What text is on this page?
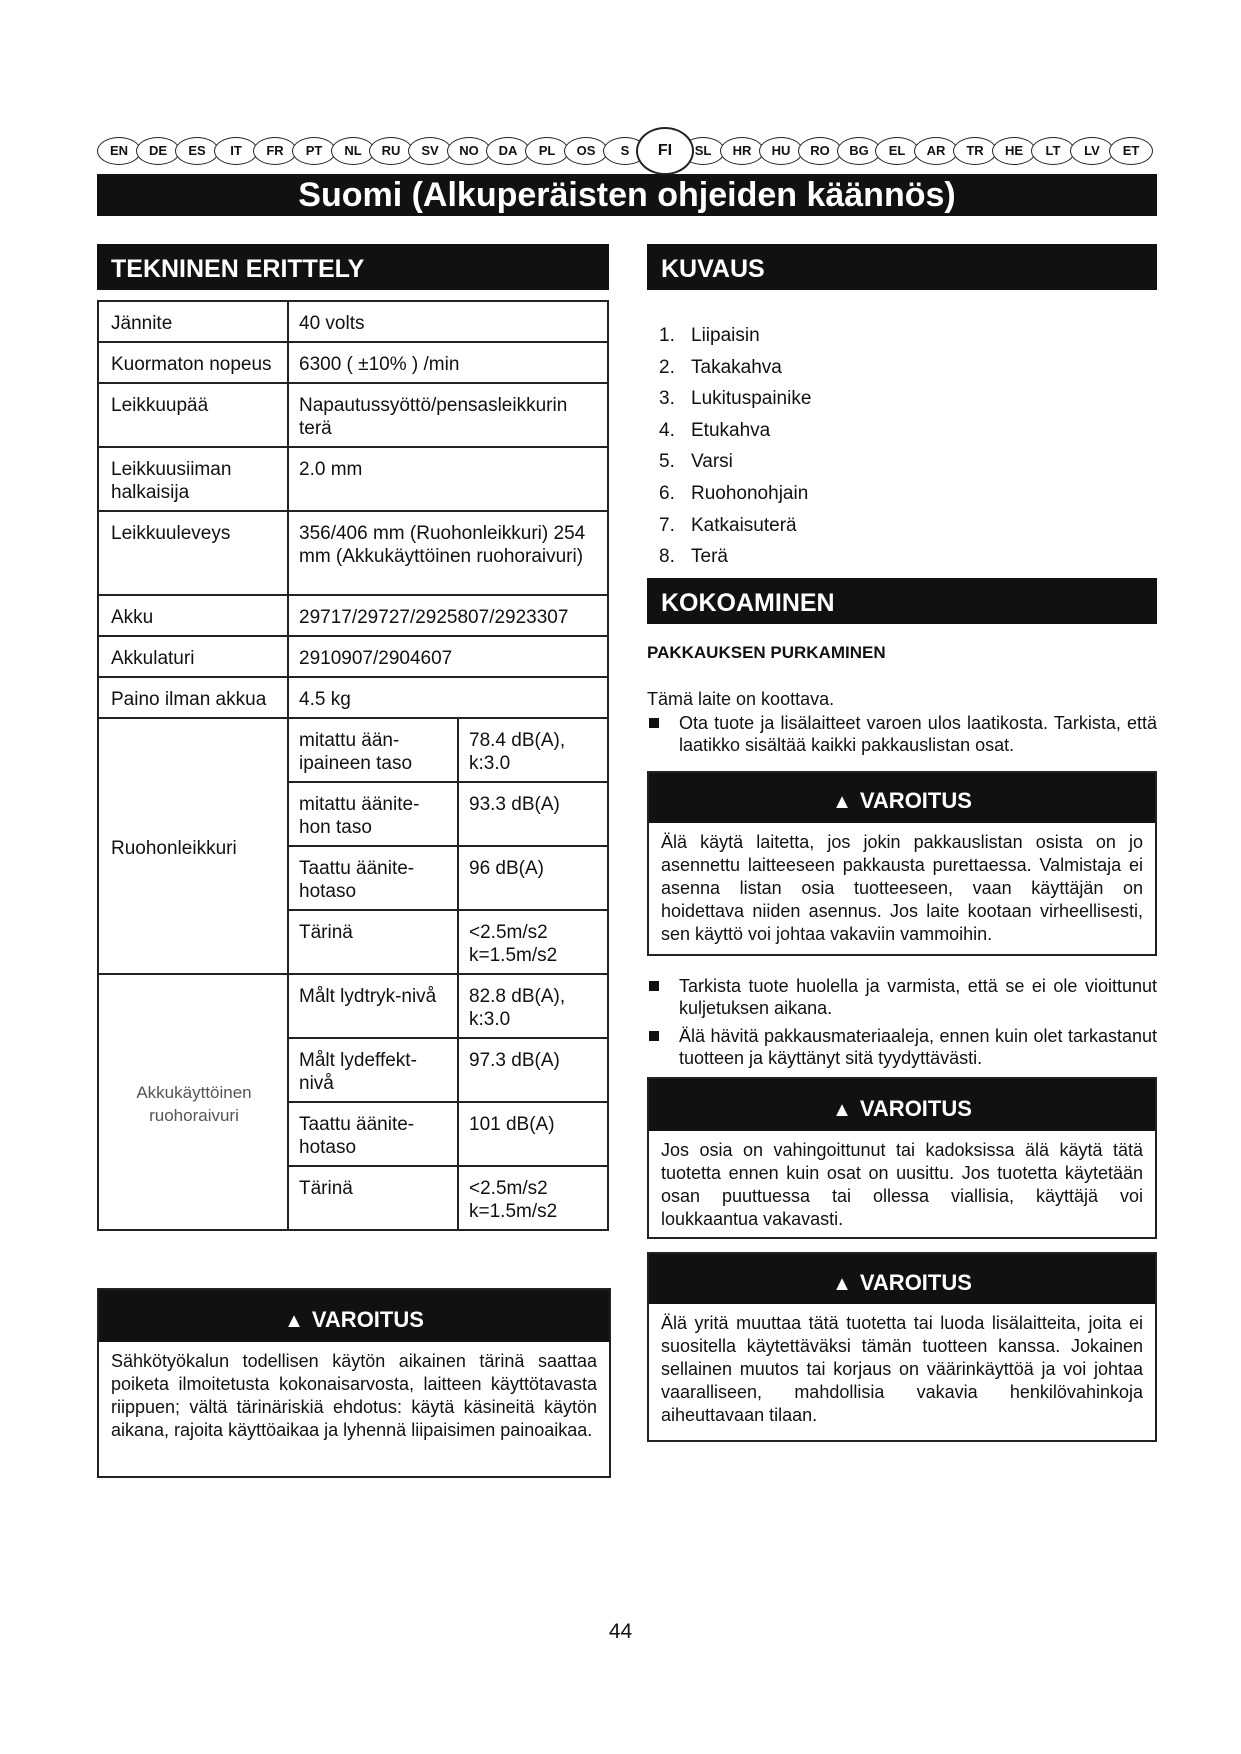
EN	DE	ES	IT	FR	PT	NL	RU	SV	NO	DA	PL	OS	S	FI	SL	HR	HU	RO	BG	EL	AR	TR	HE	LT	LV	ET
Suomi (Alkuperäisten ohjeiden käännös)
TEKNINEN ERITTELY
Jännite	40 volts	
Kuormaton nopeus	6300 ( ±10% ) /min	
Leikkuupää	Napautussyöttö/pensasleikkurin terä	
Leikkuusiiman halkaisija	2.0 mm	
Leikkuuleveys	356/406 mm (Ruohonleikkuri) 254 mm (Akkukäyttöinen ruohoraivuri)	
Akku	29717/29727/2925807/2923307	
Akkulaturi	2910907/2904607	
Paino ilman akkua	4.5 kg	
Ruohonleikkuri	mitattu ään-ipaineen taso	78.4 dB(A), k:3.0
	mitattu äänite-hon taso	93.3 dB(A)
	Taattu äänite-hotaso	96 dB(A)
	Tärinä	<2.5m/s2 k=1.5m/s2
Akkukäyttöinen ruohoraivuri	Målt lydtryk-nivå	82.8 dB(A), k:3.0
	Målt lydeffekt-nivå	97.3 dB(A)
	Taattu äänite-hotaso	101 dB(A)
	Tärinä	<2.5m/s2 k=1.5m/s2
▲ VAROITUS
Sähkötyökalun todellisen käytön aikainen tärinä saattaa poiketa ilmoitetusta kokonaisarvosta, laitteen käyttötavasta riippuen; vältä tärinäriskiä ehdotus: käytä käsineitä käytön aikana, rajoita käyttöaikaa ja lyhennä liipaisimen painoaikaa.
KUVAUS
1. Liipaisin
2. Takakahva
3. Lukituspainike
4. Etukahva
5. Varsi
6. Ruohonohjain
7. Katkaisuterä
8. Terä
KOKOAMINEN
PAKKAUKSEN PURKAMINEN
Tämä laite on koottava.
Ota tuote ja lisälaitteet varoen ulos laatikosta. Tarkista, että laatikko sisältää kaikki pakkauslistan osat.
▲ VAROITUS
Älä käytä laitetta, jos jokin pakkauslistan osista on jo asennettu laitteeseen pakkausta purettaessa. Valmistaja ei asenna listan osia tuotteeseen, vaan käyttäjän on hoidettava niiden asennus. Jos laite kootaan virheellisesti, sen käyttö voi johtaa vakaviin vammoihin.
Tarkista tuote huolella ja varmista, että se ei ole vioittunut kuljetuksen aikana.
Älä hävitä pakkausmateriaaleja, ennen kuin olet tarkastanut tuotteen ja käyttänyt sitä tyydyttävästi.
▲ VAROITUS
Jos osia on vahingoittunut tai kadoksissa älä käytä tätä tuotetta ennen kuin osat on uusittu. Jos tuotetta käytetään osan puuttuessa tai ollessa viallisia, käyttäjä voi loukkaantua vakavasti.
▲ VAROITUS
Älä yritä muuttaa tätä tuotetta tai luoda lisälaitteita, joita ei suositella käytettäväksi tämän tuotteen kanssa. Jokainen sellainen muutos tai korjaus on väärinkäyttöä ja voi johtaa vaaralliseen, mahdollisia vakavia henkilövahinkoja aiheuttavaan tilaan.
44
